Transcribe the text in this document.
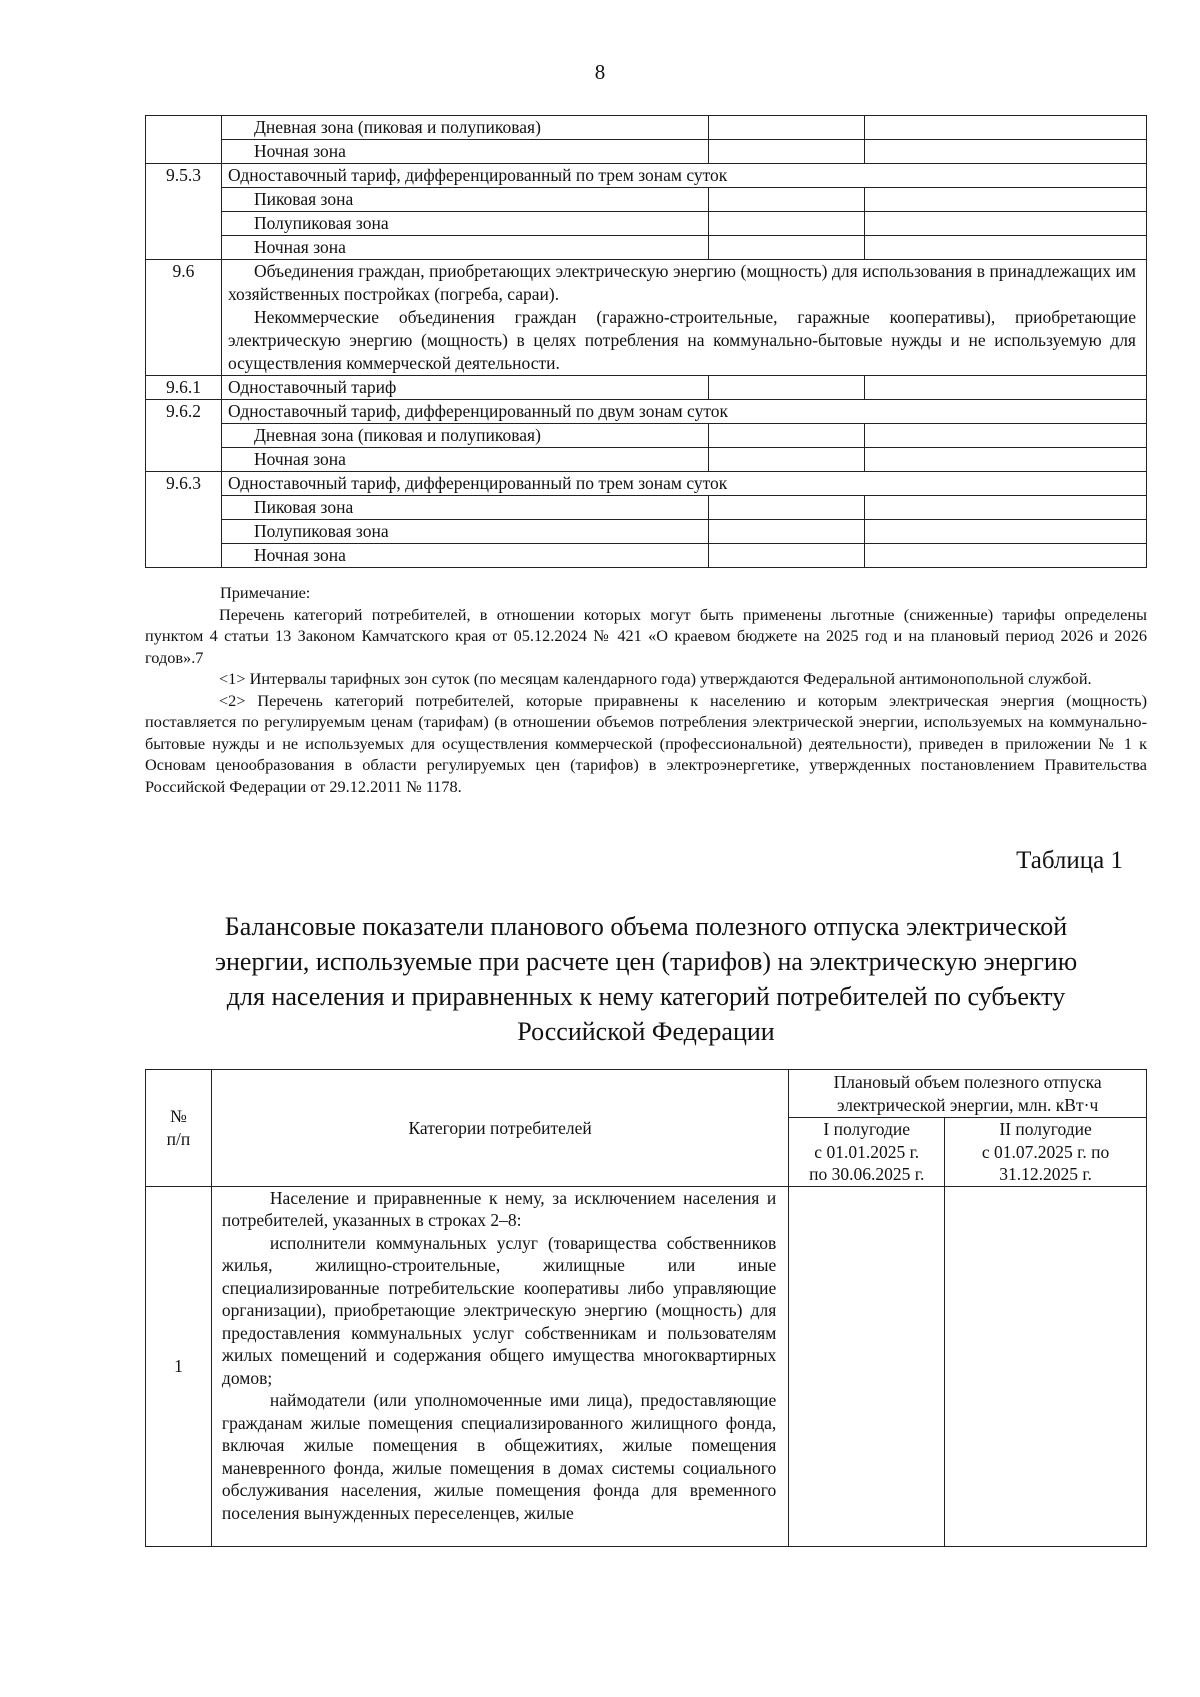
8
	Дневная зона (пиковая и полупиковая)		
	Ночная зона		
9.5.3	Одноставочный тариф, дифференцированный по трем зонам суток		
	Пиковая зона		
	Полупиковая зона		
	Ночная зона		
9.6	Объединения граждан, приобретающих электрическую энергию (мощность) для использования в принадлежащих им хозяйственных постройках (погреба, сараи).

Некоммерческие объединения граждан (гаражно-строительные, гаражные кооперативы), приобретающие электрическую энергию (мощность) в целях потребления на коммунально-бытовые нужды и не используемую для осуществления коммерческой деятельности.		

9.6.1	Одноставочный тариф		
9.6.2	Одноставочный тариф, дифференцированный по двум зонам суток		
	Дневная зона (пиковая и полупиковая)		
	Ночная зона		
9.6.3	Одноставочный тариф, дифференцированный по трем зонам суток		
	Пиковая зона		
	Полупиковая зона		
	Ночная зона		

Примечание:

Перечень категорий потребителей, в отношении которых могут быть применены льготные (сниженные) тарифы определены пунктом 4 статьи 13 Законом Камчатского края от 05.12.2024 № 421 «О краевом бюджете на 2025 год и на плановый период 2026 и 2026 годов».7

<1> Интервалы тарифных зон суток (по месяцам календарного года) утверждаются Федеральной антимонопольной службой.

<2> Перечень категорий потребителей, которые приравнены к населению и которым электрическая энергия (мощность) поставляется по регулируемым ценам (тарифам) (в отношении объемов потребления электрической энергии, используемых на коммунально-бытовые нужды и не используемых для осуществления коммерческой (профессиональной) деятельности), приведен в приложении № 1 к Основам ценообразования в области регулируемых цен (тарифов) в электроэнергетике, утвержденных постановлением Правительства Российской Федерации от 29.12.2011 № 1178.

Таблица 1
Балансовые показатели планового объема полезного отпуска электрической
энергии, используемые при расчете цен (тарифов) на электрическую энергию
для населения и приравненных к нему категорий потребителей по субъекту
Российской Федерации
№
п/п	Категории потребителей	Плановый объем полезного отпуска электрической энергии, млн. кВт·ч	
		I полугодие
с 01.01.2025 г.
по 30.06.2025 г.	II полугодие
с 01.07.2025 г. по
31.12.2025 г.
1	Население и приравненные к нему, за исключением населения и потребителей, указанных в строках 2–8:

исполнители коммунальных услуг (товарищества собственников жилья, жилищно-строительные, жилищные или иные специализированные потребительские кооперативы либо управляющие организации), приобретающие электрическую энергию (мощность) для предоставления коммунальных услуг собственникам и пользователям жилых помещений и содержания общего имущества многоквартирных домов;

наймодатели (или уполномоченные ими лица), предоставляющие гражданам жилые помещения специализированного жилищного фонда, включая жилые помещения в общежитиях, жилые помещения маневренного фонда, жилые помещения в домах системы социального обслуживания населения, жилые помещения фонда для временного поселения вынужденных переселенцев, жилые		
